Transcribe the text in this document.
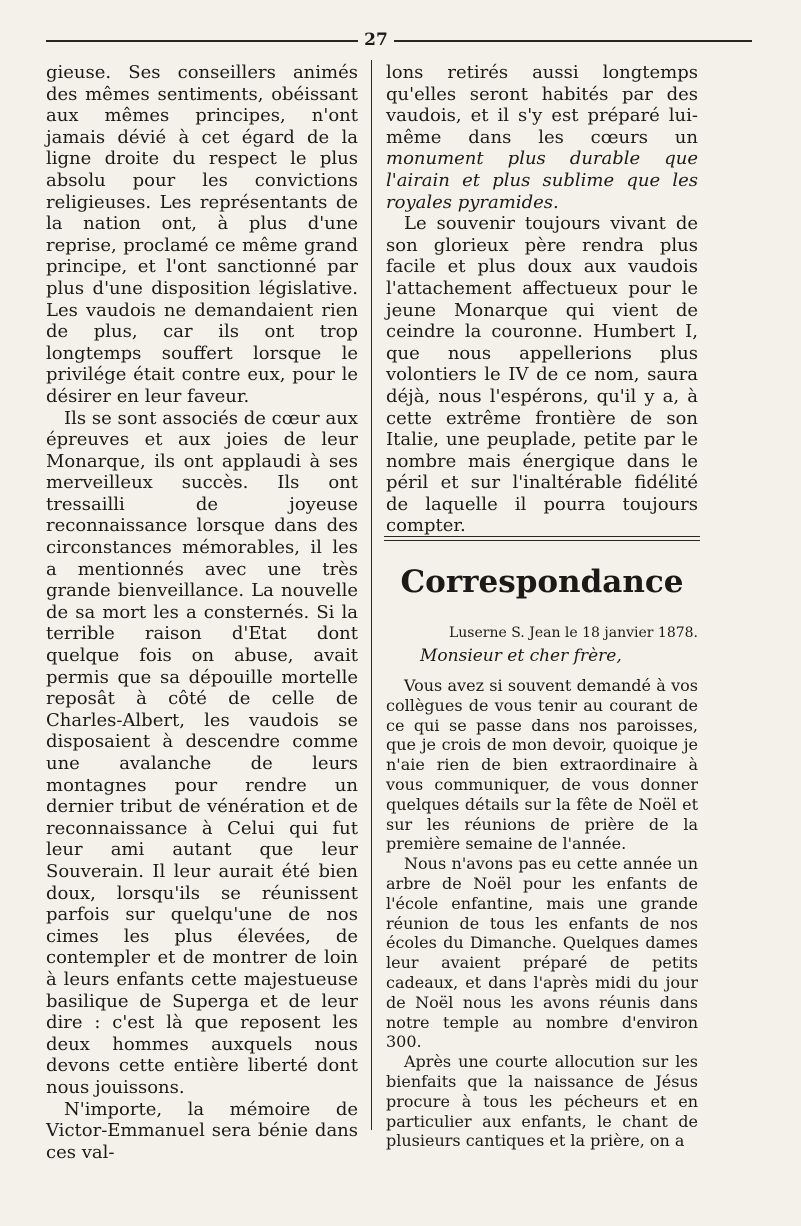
27

gieuse. Ses conseillers animés des mêmes sentiments, obéissant aux mêmes principes, n'ont jamais dévié à cet égard de la ligne droite du respect le plus absolu pour les convictions religieuses. Les représentants de la nation ont, à plus d'une reprise, proclamé ce même grand principe, et l'ont sanctionné par plus d'une disposition législative. Les vaudois ne demandaient rien de plus, car ils ont trop longtemps souffert lorsque le privilége était contre eux, pour le désirer en leur faveur.

Ils se sont associés de cœur aux épreuves et aux joies de leur Monarque, ils ont applaudi à ses merveilleux succès. Ils ont tressailli de joyeuse reconnaissance lorsque dans des circonstances mémorables, il les a mentionnés avec une très grande bienveillance. La nouvelle de sa mort les a consternés. Si la terrible raison d'Etat dont quelque fois on abuse, avait permis que sa dépouille mortelle reposât à côté de celle de Charles-Albert, les vaudois se disposaient à descendre comme une avalanche de leurs montagnes pour rendre un dernier tribut de vénération et de reconnaissance à Celui qui fut leur ami autant que leur Souverain. Il leur aurait été bien doux, lorsqu'ils se réunissent parfois sur quelqu'une de nos cimes les plus élevées, de contempler et de montrer de loin à leurs enfants cette majestueuse basilique de Superga et de leur dire : c'est là que reposent les deux hommes auxquels nous devons cette entière liberté dont nous jouissons.

N'importe, la mémoire de Victor-Emmanuel sera bénie dans ces val-

lons retirés aussi longtemps qu'elles seront habités par des vaudois, et il s'y est préparé lui-même dans les cœurs un monument plus durable que l'airain et plus sublime que les royales pyramides.

Le souvenir toujours vivant de son glorieux père rendra plus facile et plus doux aux vaudois l'attachement affectueux pour le jeune Monarque qui vient de ceindre la couronne. Humbert I, que nous appellerions plus volontiers le IV de ce nom, saura déjà, nous l'espérons, qu'il y a, à cette extrême frontière de son Italie, une peuplade, petite par le nombre mais énergique dans le péril et sur l'inaltérable fidélité de laquelle il pourra toujours compter.

Correspondance
Luserne S. Jean le 18 janvier 1878.
Monsieur et cher frère,

Vous avez si souvent demandé à vos collègues de vous tenir au courant de ce qui se passe dans nos paroisses, que je crois de mon devoir, quoique je n'aie rien de bien extraordinaire à vous communiquer, de vous donner quelques détails sur la fête de Noël et sur les réunions de prière de la première semaine de l'année.

Nous n'avons pas eu cette année un arbre de Noël pour les enfants de l'école enfantine, mais une grande réunion de tous les enfants de nos écoles du Dimanche. Quelques dames leur avaient préparé de petits cadeaux, et dans l'après midi du jour de Noël nous les avons réunis dans notre temple au nombre d'environ 300.

Après une courte allocution sur les bienfaits que la naissance de Jésus procure à tous les pécheurs et en particulier aux enfants, le chant de plusieurs cantiques et la prière, on a
